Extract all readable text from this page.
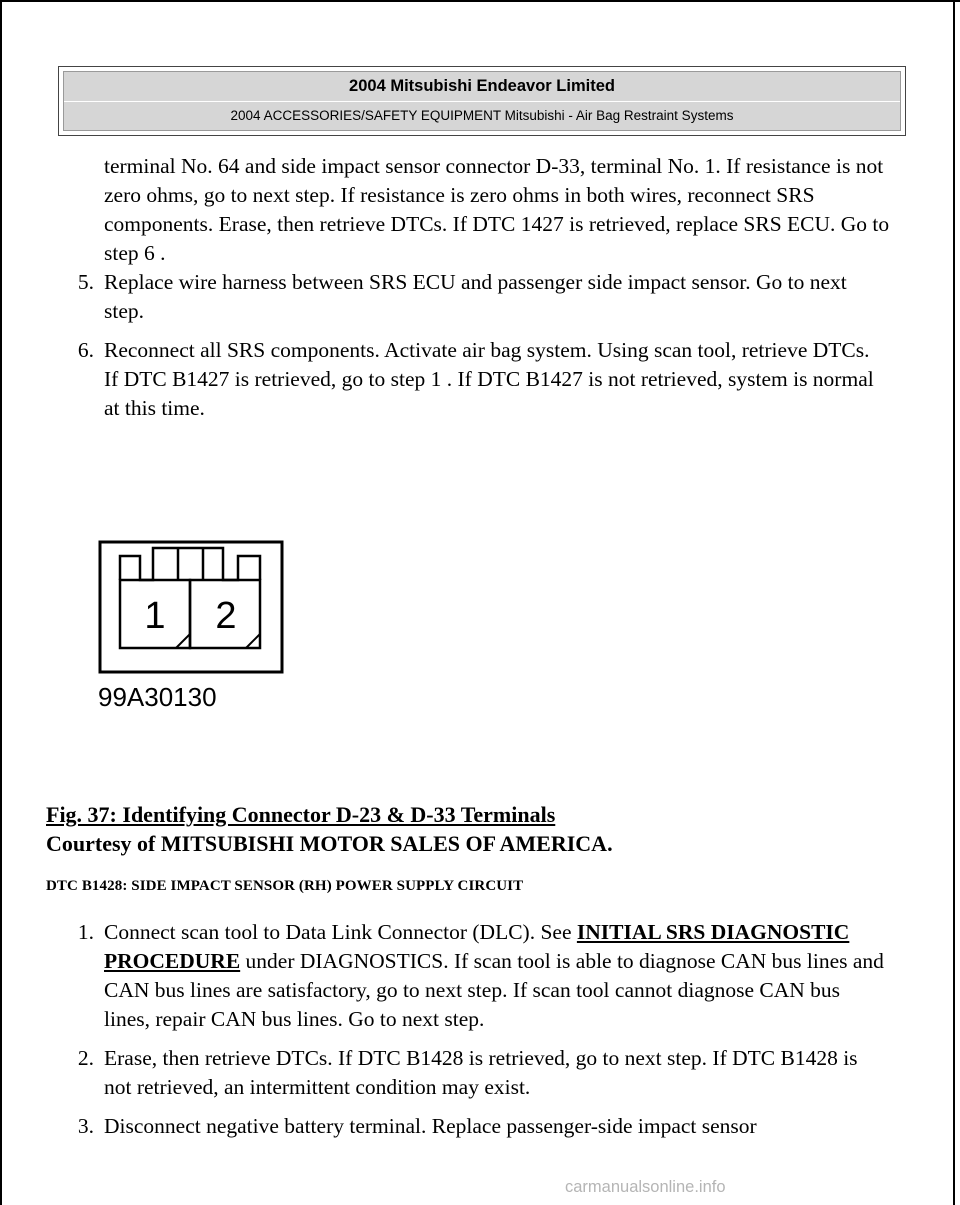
2004 Mitsubishi Endeavor Limited
2004 ACCESSORIES/SAFETY EQUIPMENT Mitsubishi - Air Bag Restraint Systems
terminal No. 64 and side impact sensor connector D-33, terminal No. 1. If resistance is not zero ohms, go to next step. If resistance is zero ohms in both wires, reconnect SRS components. Erase, then retrieve DTCs. If DTC 1427 is retrieved, replace SRS ECU. Go to step 6 .
5. Replace wire harness between SRS ECU and passenger side impact sensor. Go to next step.
6. Reconnect all SRS components. Activate air bag system. Using scan tool, retrieve DTCs. If DTC B1427 is retrieved, go to step 1 . If DTC B1427 is not retrieved, system is normal at this time.
1 2
99A30130
Fig. 37: Identifying Connector D-23 & D-33 Terminals
Courtesy of MITSUBISHI MOTOR SALES OF AMERICA.
DTC B1428: SIDE IMPACT SENSOR (RH) POWER SUPPLY CIRCUIT
1. Connect scan tool to Data Link Connector (DLC). See INITIAL SRS DIAGNOSTIC PROCEDURE under DIAGNOSTICS. If scan tool is able to diagnose CAN bus lines and CAN bus lines are satisfactory, go to next step. If scan tool cannot diagnose CAN bus lines, repair CAN bus lines. Go to next step.
2. Erase, then retrieve DTCs. If DTC B1428 is retrieved, go to next step. If DTC B1428 is not retrieved, an intermittent condition may exist.
3. Disconnect negative battery terminal. Replace passenger-side impact sensor
carmanualsonline.info
